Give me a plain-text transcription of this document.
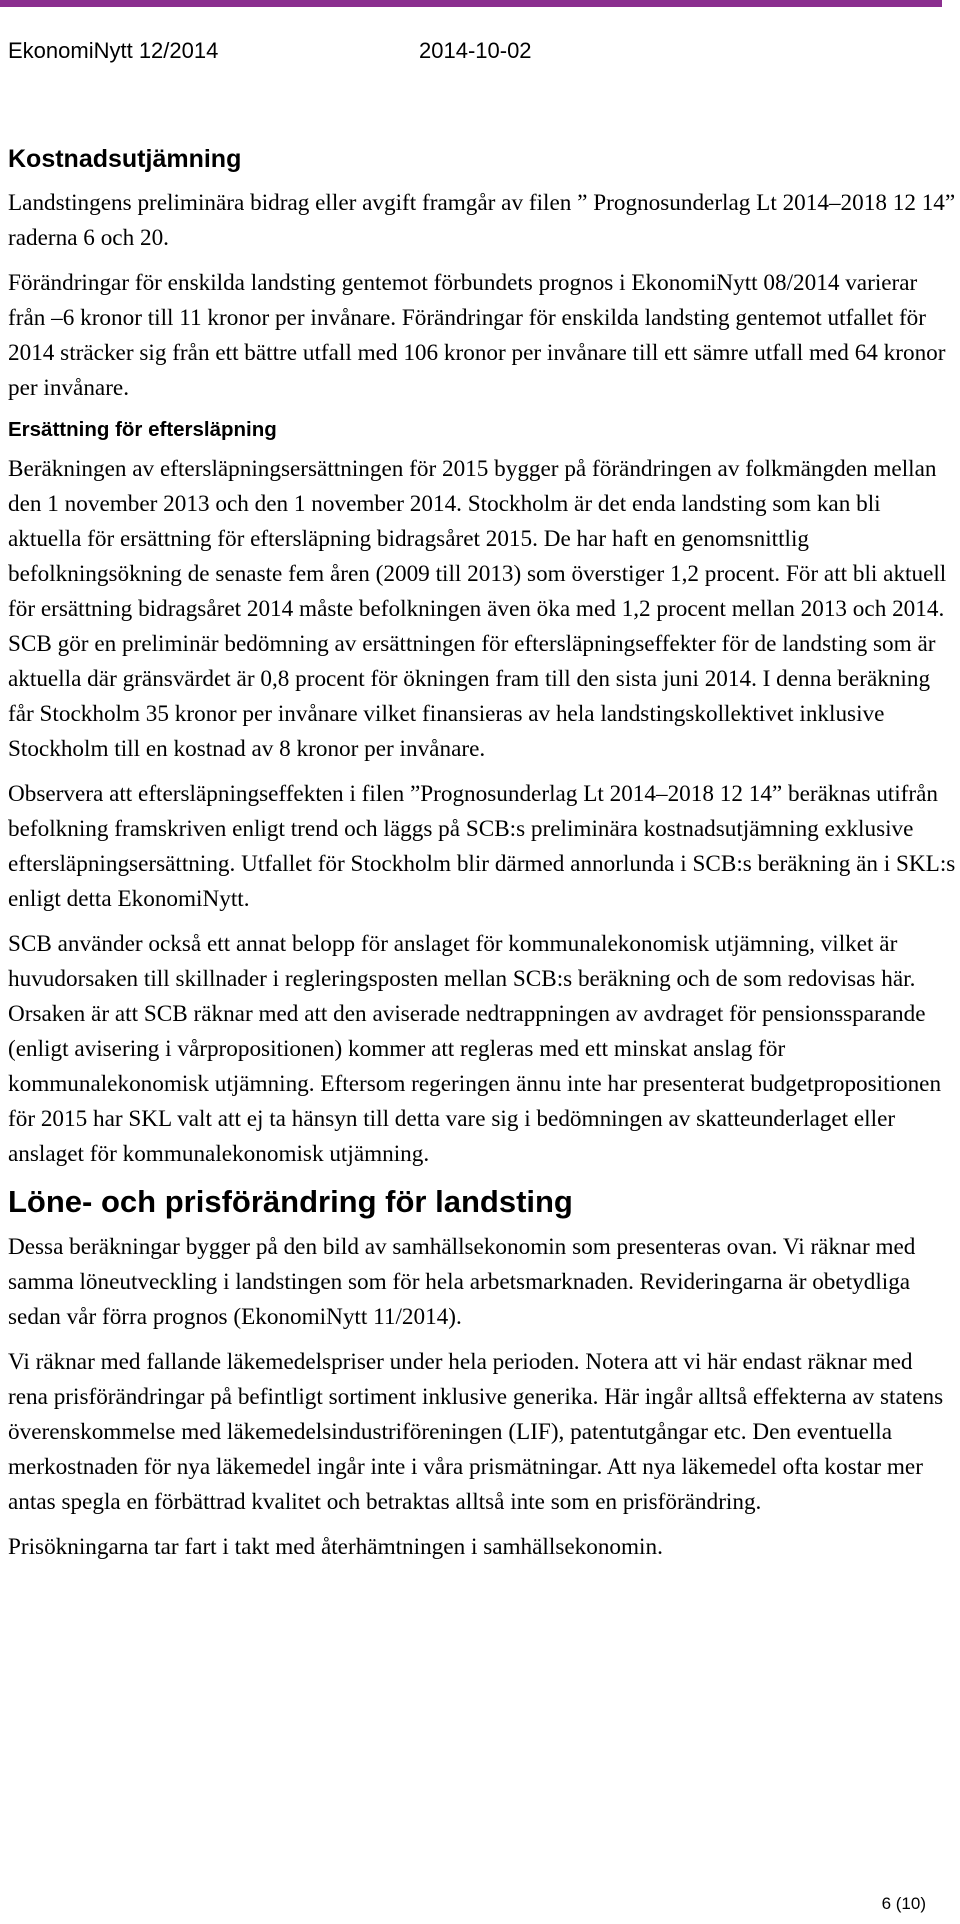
EkonomiNytt 12/2014	2014-10-02
Kostnadsutjämning

Landstingens preliminära bidrag eller avgift framgår av filen ” Prognosunderlag Lt 2014–2018 12 14” raderna 6 och 20.

Förändringar för enskilda landsting gentemot förbundets prognos i EkonomiNytt 08/2014 varierar från –6 kronor till 11 kronor per invånare. Förändringar för enskilda landsting gentemot utfallet för 2014 sträcker sig från ett bättre utfall med 106 kronor per invånare till ett sämre utfall med 64 kronor per invånare.

Ersättning för eftersläpning

Beräkningen av eftersläpningsersättningen för 2015 bygger på förändringen av folkmängden mellan den 1 november 2013 och den 1 november 2014. Stockholm är det enda landsting som kan bli aktuella för ersättning för eftersläpning bidragsåret 2015. De har haft en genomsnittlig befolkningsökning de senaste fem åren (2009 till 2013) som överstiger 1,2 procent. För att bli aktuell för ersättning bidragsåret 2014 måste befolkningen även öka med 1,2 procent mellan 2013 och 2014. SCB gör en preliminär bedömning av ersättningen för eftersläpningseffekter för de landsting som är aktuella där gränsvärdet är 0,8 procent för ökningen fram till den sista juni 2014. I denna beräkning får Stockholm 35 kronor per invånare vilket finansieras av hela landstingskollektivet inklusive Stockholm till en kostnad av 8 kronor per invånare.

Observera att eftersläpningseffekten i filen ”Prognosunderlag Lt 2014–2018 12 14” beräknas utifrån befolkning framskriven enligt trend och läggs på SCB:s preliminära kostnadsutjämning exklusive eftersläpningsersättning. Utfallet för Stockholm blir därmed annorlunda i SCB:s beräkning än i SKL:s enligt detta EkonomiNytt.

SCB använder också ett annat belopp för anslaget för kommunalekonomisk utjämning, vilket är huvudorsaken till skillnader i regleringsposten mellan SCB:s beräkning och de som redovisas här. Orsaken är att SCB räknar med att den aviserade nedtrappningen av avdraget för pensionssparande (enligt avisering i vårpropositionen) kommer att regleras med ett minskat anslag för kommunalekonomisk utjämning. Eftersom regeringen ännu inte har presenterat budgetpropositionen för 2015 har SKL valt att ej ta hänsyn till detta vare sig i bedömningen av skatteunderlaget eller anslaget för kommunalekonomisk utjämning.

Löne- och prisförändring för landsting

Dessa beräkningar bygger på den bild av samhällsekonomin som presenteras ovan. Vi räknar med samma löneutveckling i landstingen som för hela arbetsmarknaden. Revideringarna är obetydliga sedan vår förra prognos (EkonomiNytt 11/2014).

Vi räknar med fallande läkemedelspriser under hela perioden. Notera att vi här endast räknar med rena prisförändringar på befintligt sortiment inklusive generika. Här ingår alltså effekterna av statens överenskommelse med läkemedelsindustriföreningen (LIF), patentutgångar etc. Den eventuella merkostnaden för nya läkemedel ingår inte i våra prismätningar. Att nya läkemedel ofta kostar mer antas spegla en förbättrad kvalitet och betraktas alltså inte som en prisförändring.

Prisökningarna tar fart i takt med återhämtningen i samhällsekonomin.

6 (10)
